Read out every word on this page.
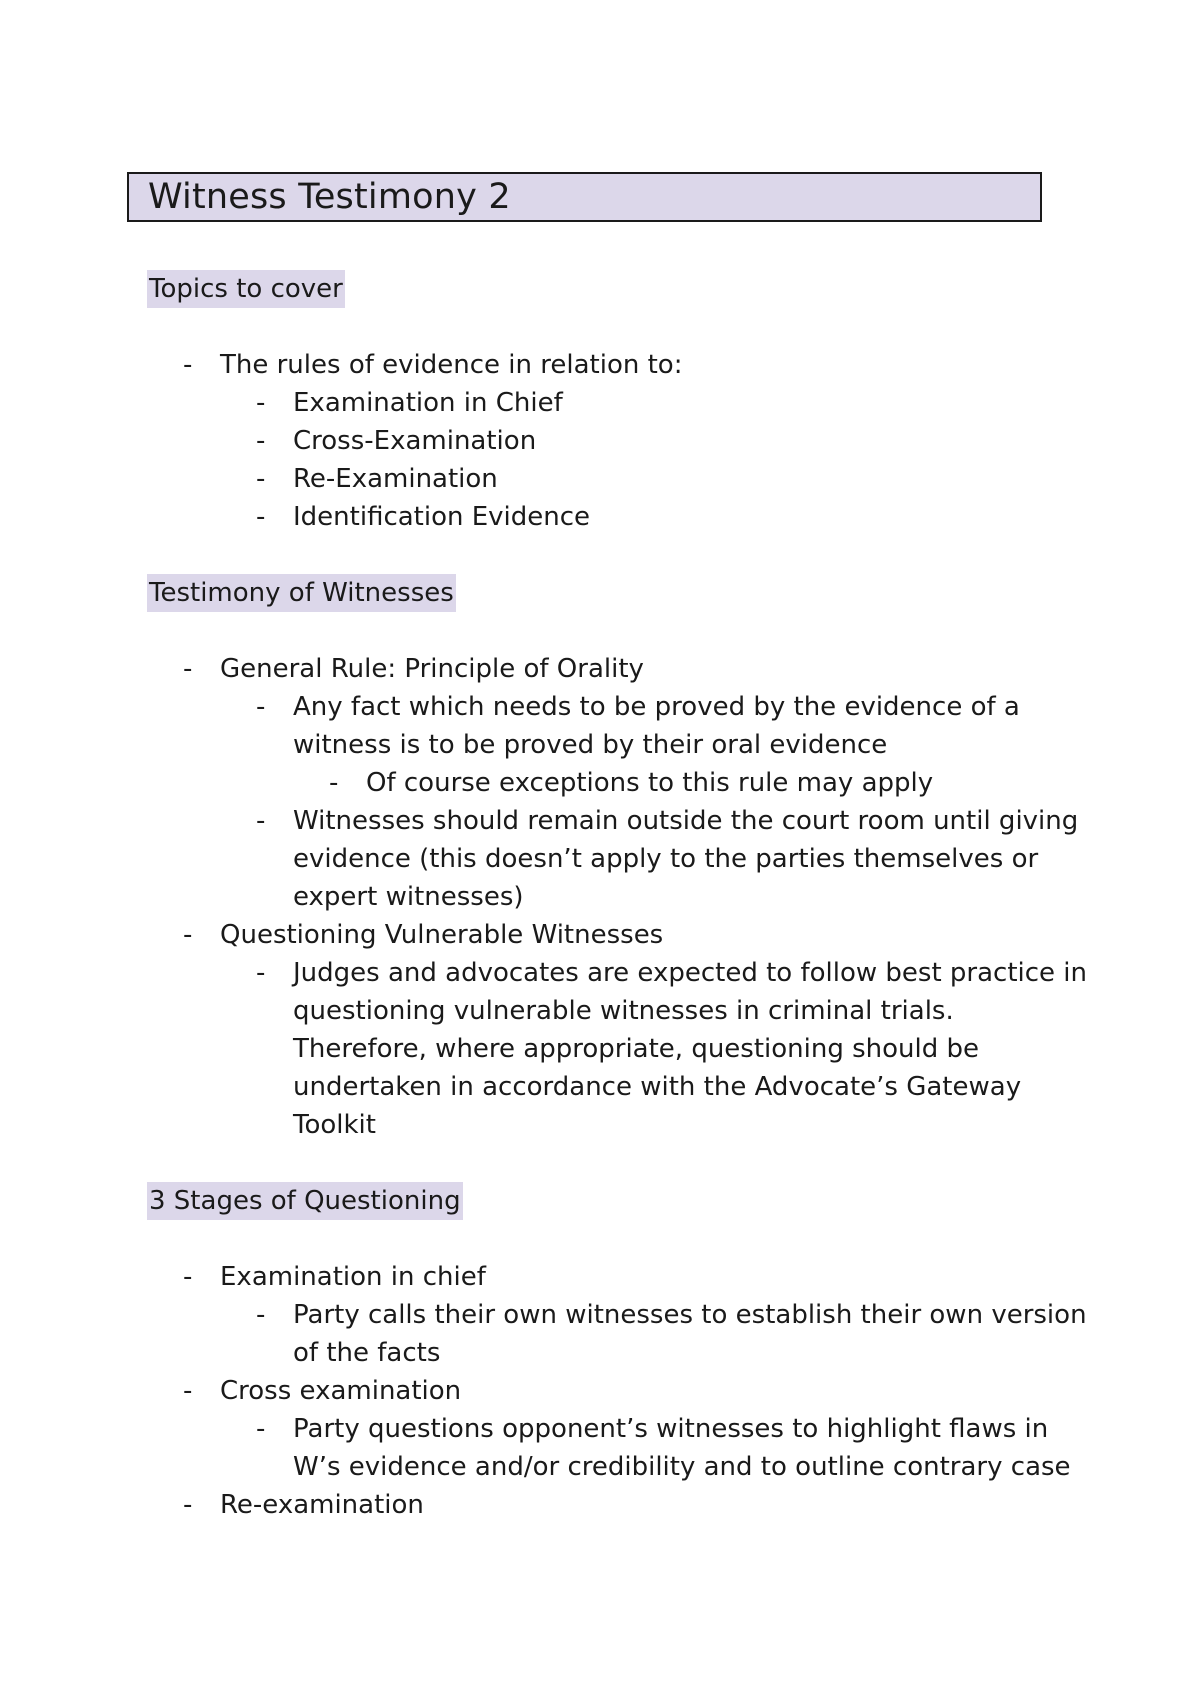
Witness Testimony 2
Topics to cover
-	The rules of evidence in relation to:
-	Examination in Chief
-	Cross-Examination
-	Re-Examination
-	Identification Evidence
Testimony of Witnesses
-	General Rule: Principle of Orality
-	Any fact which needs to be proved by the evidence of a witness is to be proved by their oral evidence
-	Of course exceptions to this rule may apply
-	Witnesses should remain outside the court room until giving evidence (this doesn’t apply to the parties themselves or expert witnesses)
-	Questioning Vulnerable Witnesses
-	Judges and advocates are expected to follow best practice in questioning vulnerable witnesses in criminal trials. Therefore, where appropriate, questioning should be undertaken in accordance with the Advocate’s Gateway Toolkit
3 Stages of Questioning
-	Examination in chief
-	Party calls their own witnesses to establish their own version of the facts
-	Cross examination
-	Party questions opponent’s witnesses to highlight flaws in W’s evidence and/or credibility and to outline contrary case
-	Re-examination
